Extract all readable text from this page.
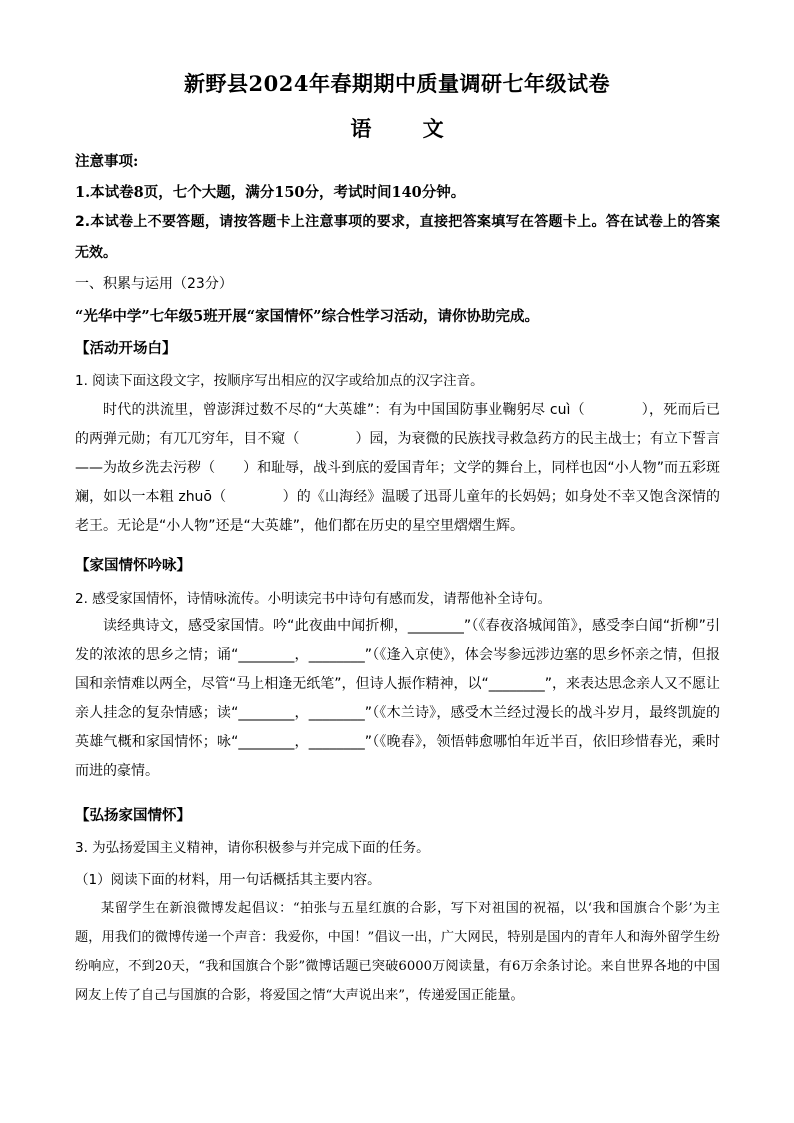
新野县2024年春期期中质量调研七年级试卷
语 文
注意事项:
1.本试卷8页，七个大题，满分150分，考试时间140分钟。
2.本试卷上不要答题，请按答题卡上注意事项的要求，直接把答案填写在答题卡上。答在试卷上的答案无效。
一、积累与运用（23分）
“光华中学”七年级5班开展“家国情怀”综合性学习活动，请你协助完成。
【活动开场白】
1. 阅读下面这段文字，按顺序写出相应的汉字或给加点的汉字注音。
时代的洪流里，曾澎湃过数不尽的“大英雄”：有为中国国防事业鞠躬尽 cuì（　　　　），死而后已的两弹元勋；有兀兀穷年，目不窥（　　　　）园，为衰微的民族找寻救急药方的民主战士；有立下誓言——为故乡洗去污秽（　　）和耻辱，战斗到底的爱国青年；文学的舞台上，同样也因“小人物”而五彩斑斓，如以一本粗 zhuō（　　　　）的《山海经》温暖了迅哥儿童年的长妈妈；如身处不幸又饱含深情的老王。无论是“小人物”还是“大英雄”，他们都在历史的星空里熠熠生辉。
【家国情怀吟咏】
2. 感受家国情怀，诗情咏流传。小明读完书中诗句有感而发，请帮他补全诗句。
读经典诗文，感受家国情。吟“此夜曲中闻折柳，________”（《春夜洛城闻笛》，感受李白闻“折柳”引发的浓浓的思乡之情；诵“________，________”（《逢入京使》，体会岑参远涉边塞的思乡怀亲之情，但报国和亲情难以两全，尽管“马上相逢无纸笔”，但诗人振作精神，以“________”，来表达思念亲人又不愿让亲人挂念的复杂情感；读“________，________”（《木兰诗》，感受木兰经过漫长的战斗岁月，最终凯旋的英雄气概和家国情怀；咏“________，________”（《晚春》，领悟韩愈哪怕年近半百，依旧珍惜春光，乘时而进的豪情。
【弘扬家国情怀】
3. 为弘扬爱国主义精神，请你积极参与并完成下面的任务。
（1）阅读下面的材料，用一句话概括其主要内容。
某留学生在新浪微博发起倡议：“拍张与五星红旗的合影，写下对祖国的祝福，以‘我和国旗合个影’为主题，用我们的微博传递一个声音：我爱你，中国！”倡议一出，广大网民，特别是国内的青年人和海外留学生纷纷响应，不到20天，“我和国旗合个影”微博话题已突破6000万阅读量，有6万余条讨论。来自世界各地的中国网友上传了自己与国旗的合影，将爱国之情“大声说出来”，传递爱国正能量。
